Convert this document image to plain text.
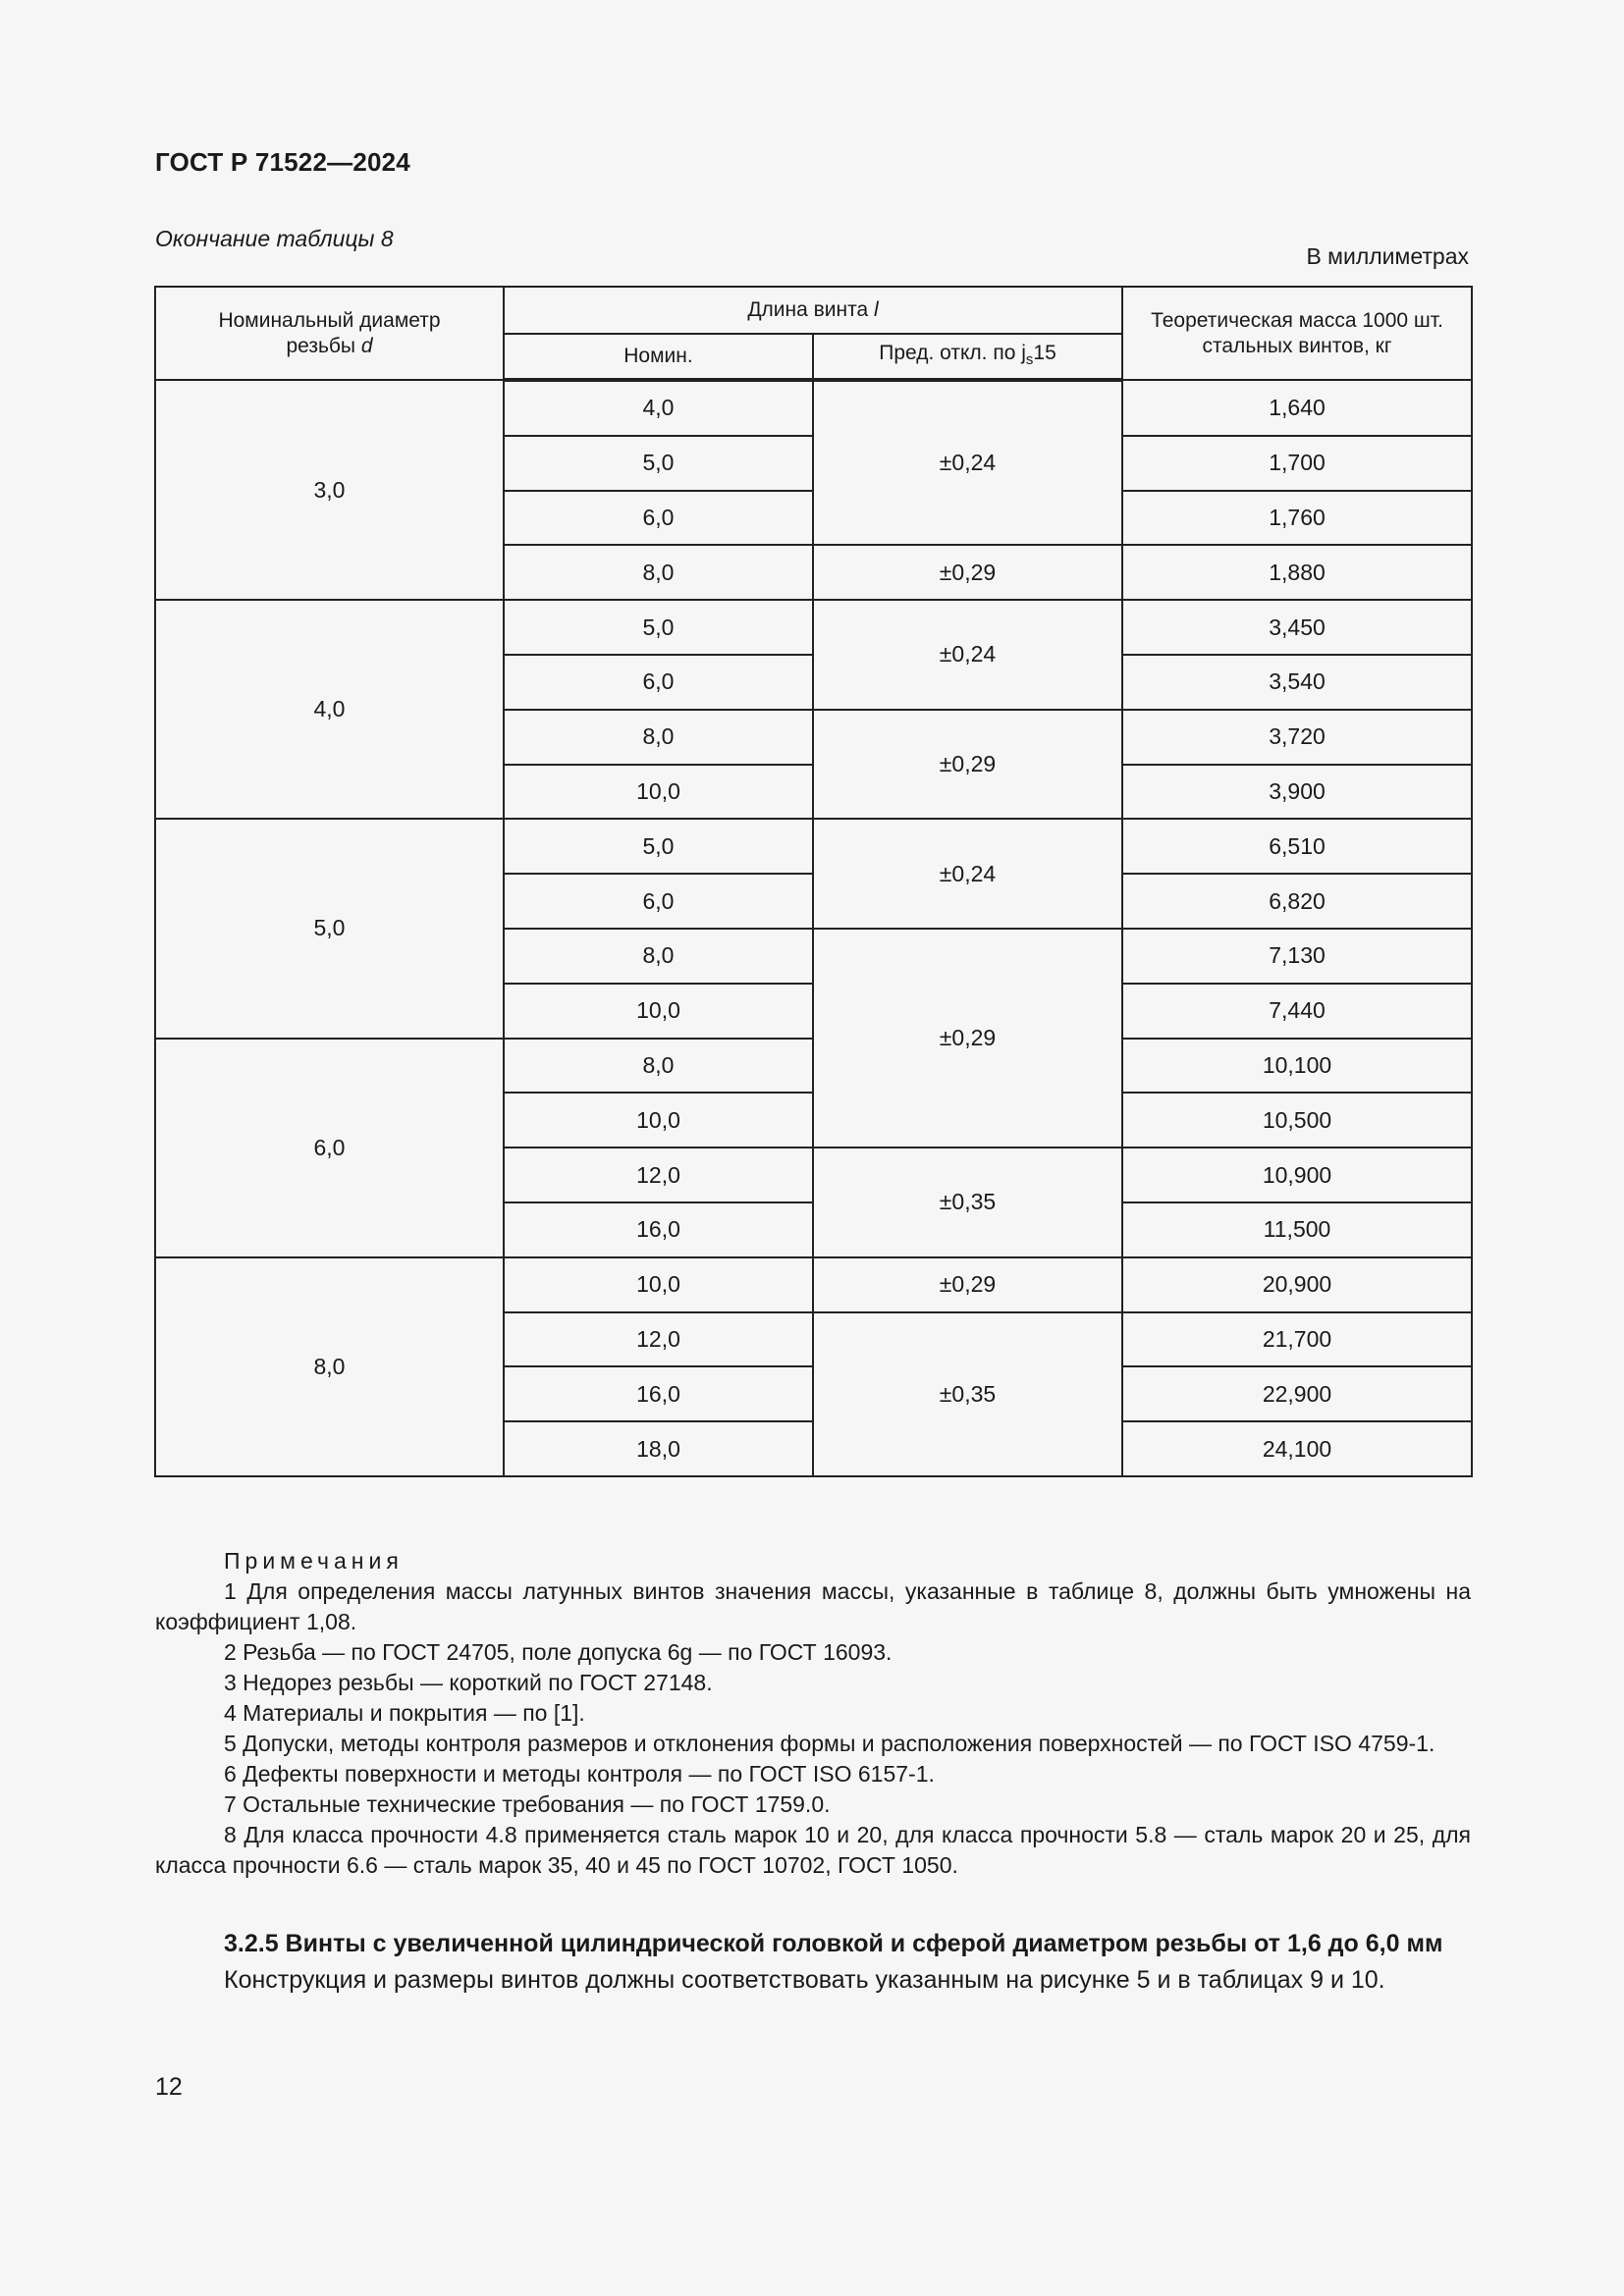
ГОСТ Р 71522—2024
Окончание таблицы 8
В миллиметрах
Номинальный диаметр
резьбы d	Длина винта l		Теоретическая масса 1000 шт.
стальных винтов, кг
	Номин.	Пред. откл. по $j_s15$	
3,0	4,0	±0,24	1,640
	5,0		1,700
	6,0		1,760
	8,0	±0,29	1,880
4,0	5,0	±0,24	3,450
	6,0		3,540
	8,0	±0,29	3,720
	10,0		3,900
5,0	5,0	±0,24	6,510
	6,0		6,820
	8,0	±0,29	7,130
	10,0		7,440
6,0	8,0		10,100
	10,0		10,500
	12,0	±0,35	10,900
	16,0		11,500
8,0	10,0	±0,29	20,900
	12,0	±0,35	21,700
	16,0		22,900
	18,0		24,100
Примечания

1 Для определения массы латунных винтов значения массы, указанные в таблице 8, должны быть умножены на коэффициент 1,08.

2 Резьба — по ГОСТ 24705, поле допуска 6g — по ГОСТ 16093.

3 Недорез резьбы — короткий по ГОСТ 27148.

4 Материалы и покрытия — по [1].

5 Допуски, методы контроля размеров и отклонения формы и расположения поверхностей — по ГОСТ ISO 4759-1.

6 Дефекты поверхности и методы контроля — по ГОСТ ISO 6157-1.

7 Остальные технические требования — по ГОСТ 1759.0.

8 Для класса прочности 4.8 применяется сталь марок 10 и 20, для класса прочности 5.8 — сталь марок 20 и 25, для класса прочности 6.6 — сталь марок 35, 40 и 45 по ГОСТ 10702, ГОСТ 1050.

3.2.5 Винты с увеличенной цилиндрической головкой и сферой диаметром резьбы от 1,6 до 6,0 мм

Конструкция и размеры винтов должны соответствовать указанным на рисунке 5 и в таблицах 9 и 10.

12
